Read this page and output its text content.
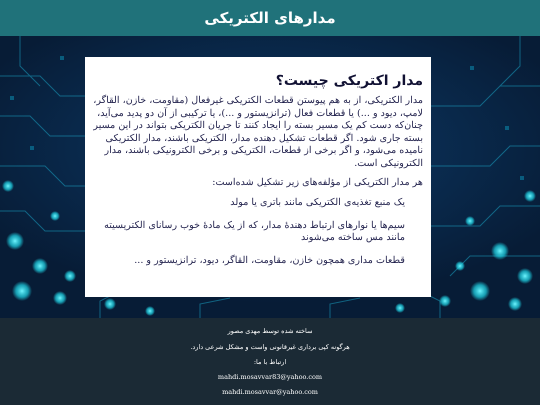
مدارهای الکتریکی
مدار اکتریکی چیست؟

مدار الکتریکی، از به هم پیوستن قطعات الکتریکی غیرفعال (مقاومت، خازن، القاگر، لامپ، دیود و ...) یا قطعات فعال (ترانزیستور و ...)، یا ترکیبی از آن دو پدید می‌آید، چنان‌که دست کم یک مسیر بسته را ایجاد کنند تا جریان الکتریکی بتواند در این مسیر بسته جاری شود. اگر قطعات تشکیل دهنده مدار، الکتریکی باشند، مدار الکتریکی نامیده می‌شود، و اگر برخی از قطعات، الکتریکی و برخی الکترونیکی باشند، مدار الکترونیکی است.

هر مدار الکتریکی از مؤلفه‌های زیر تشکیل شده‌است:

یک منبع تغذیه‌ی الکتریکی مانند باتری یا مولد
سیم‌ها یا نوارهای ارتباط دهندهٔ مدار، که از یک مادهٔ خوب رسانای الکتریسیته مانند مس ساخته می‌شوند
قطعات مداری همچون خازن، مقاومت، القاگر، دیود، ترانزیستور و ...
ساخته شده توسط مهدی مصور
هرگونه کپی برداری غیرقانونی واست و مشکل شرعی دارد.
ارتباط با ما:
mahdi.mosavvar83@yahoo.com
mahdi.mosavvar@yahoo.com
